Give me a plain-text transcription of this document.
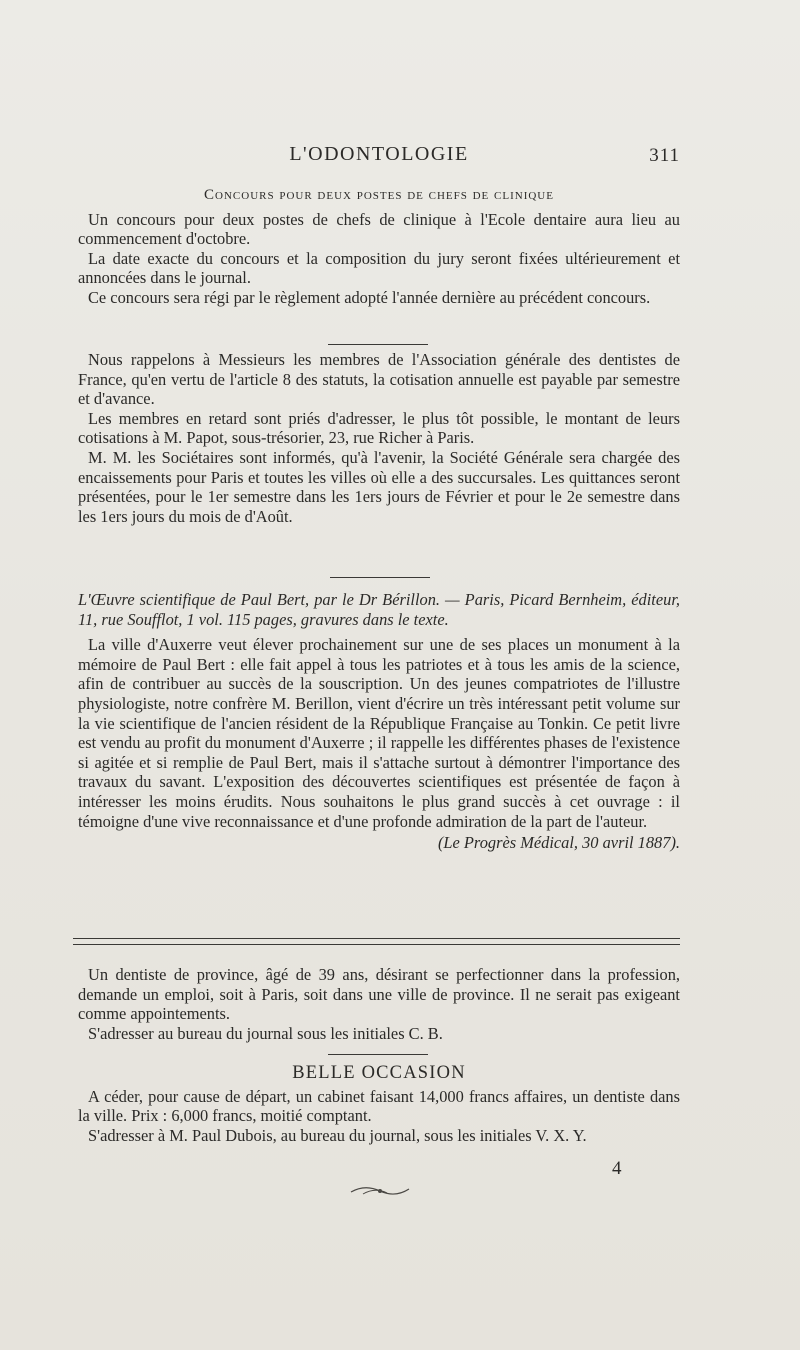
L'ODONTOLOGIE	311
Concours pour deux postes de chefs de clinique

Un concours pour deux postes de chefs de clinique à l'Ecole dentaire aura lieu au commencement d'octobre.

La date exacte du concours et la composition du jury seront fixées ultérieurement et annoncées dans le journal.

Ce concours sera régi par le règlement adopté l'année dernière au précédent concours.

Nous rappelons à Messieurs les membres de l'Association générale des dentistes de France, qu'en vertu de l'article 8 des statuts, la cotisation annuelle est payable par semestre et d'avance.

Les membres en retard sont priés d'adresser, le plus tôt possible, le montant de leurs cotisations à M. Papot, sous-trésorier, 23, rue Richer à Paris.

M. M. les Sociétaires sont informés, qu'à l'avenir, la Société Générale sera chargée des encaissements pour Paris et toutes les villes où elle a des succursales. Les quittances seront présentées, pour le 1er semestre dans les 1ers jours de Février et pour le 2e semestre dans les 1ers jours du mois de d'Août.

L'Œuvre scientifique de Paul Bert, par le Dr Bérillon. — Paris, Picard Bernheim, éditeur, 11, rue Soufflot, 1 vol. 115 pages, gravures dans le texte.

La ville d'Auxerre veut élever prochainement sur une de ses places un monument à la mémoire de Paul Bert : elle fait appel à tous les patriotes et à tous les amis de la science, afin de contribuer au succès de la souscription. Un des jeunes compatriotes de l'illustre physiologiste, notre confrère M. Berillon, vient d'écrire un très intéressant petit volume sur la vie scientifique de l'ancien résident de la République Française au Tonkin. Ce petit livre est vendu au profit du monument d'Auxerre ; il rappelle les différentes phases de l'existence si agitée et si remplie de Paul Bert, mais il s'attache surtout à démontrer l'importance des travaux du savant. L'exposition des découvertes scientifiques est présentée de façon à intéresser les moins érudits. Nous souhaitons le plus grand succès à cet ouvrage : il témoigne d'une vive reconnaissance et d'une profonde admiration de la part de l'auteur.

(Le Progrès Médical, 30 avril 1887).

Un dentiste de province, âgé de 39 ans, désirant se perfectionner dans la profession, demande un emploi, soit à Paris, soit dans une ville de province. Il ne serait pas exigeant comme appointements.

S'adresser au bureau du journal sous les initiales C. B.

BELLE OCCASION

A céder, pour cause de départ, un cabinet faisant 14,000 francs affaires, un dentiste dans la ville. Prix : 6,000 francs, moitié comptant.

S'adresser à M. Paul Dubois, au bureau du journal, sous les initiales V. X. Y.

4
